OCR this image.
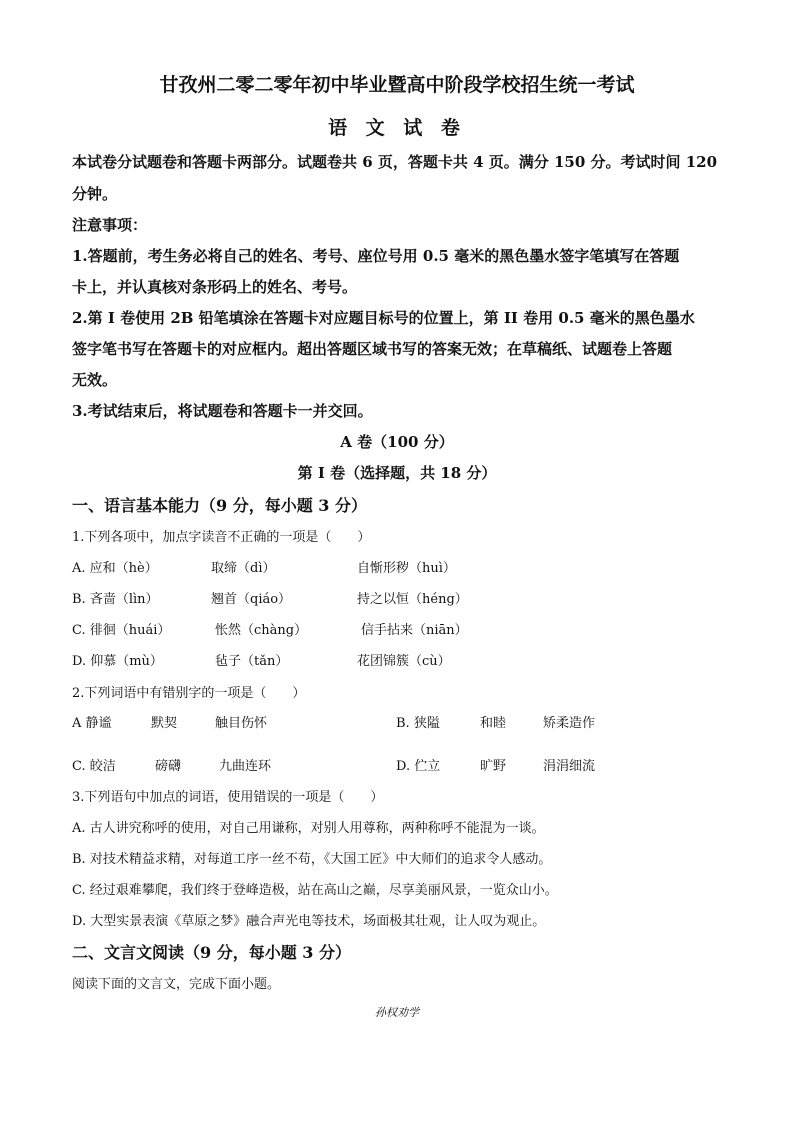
甘孜州二零二零年初中毕业暨高中阶段学校招生统一考试
语 文 试 卷
本试卷分试题卷和答题卡两部分。试题卷共 6 页，答题卡共 4 页。满分 150 分。考试时间 120
分钟。
注意事项：
1.答题前，考生务必将自己的姓名、考号、座位号用 0.5 毫米的黑色墨水签字笔填写在答题
卡上，并认真核对条形码上的姓名、考号。
2.第 I 卷使用 2B 铅笔填涂在答题卡对应题目标号的位置上，第 II 卷用 0.5 毫米的黑色墨水
签字笔书写在答题卡的对应框内。超出答题区域书写的答案无效；在草稿纸、试题卷上答题
无效。
3.考试结束后，将试题卷和答题卡一并交回。
A 卷（100 分）
第 I 卷（选择题，共 18 分）
一、语言基本能力（9 分，每小题 3 分）
1.下列各项中，加点字读音不正确的一项是（　　）
A. 应和（hè）	取缔（dì）	自惭形秽（huì）
B. 吝啬（lìn）	翘首（qiáo）	持之以恒（héng）
C. 徘徊（huái）	怅然（chàng）	信手拈来（niān）
D. 仰慕（mù）	毡子（tǎn）	花团锦簇（cù）
2.下列词语中有错别字的一项是（　　）
A 静谧	默契	触目伤怀	B. 狭隘	和睦	矫柔造作
C. 皎洁	磅礴	九曲连环	D. 伫立	旷野	涓涓细流
3.下列语句中加点的词语，使用错误的一项是（　　）
A. 古人讲究称呼的使用，对自己用谦称，对别人用尊称，两种称呼不能混为一谈。
B. 对技术精益求精，对每道工序一丝不苟，《大国工匠》中大师们的追求令人感动。
C. 经过艰难攀爬，我们终于登峰造极，站在高山之巅，尽享美丽风景，一览众山小。
D. 大型实景表演《草原之梦》融合声光电等技术，场面极其壮观，让人叹为观止。
二、文言文阅读（9 分，每小题 3 分）
阅读下面的文言文，完成下面小题。
孙权劝学
